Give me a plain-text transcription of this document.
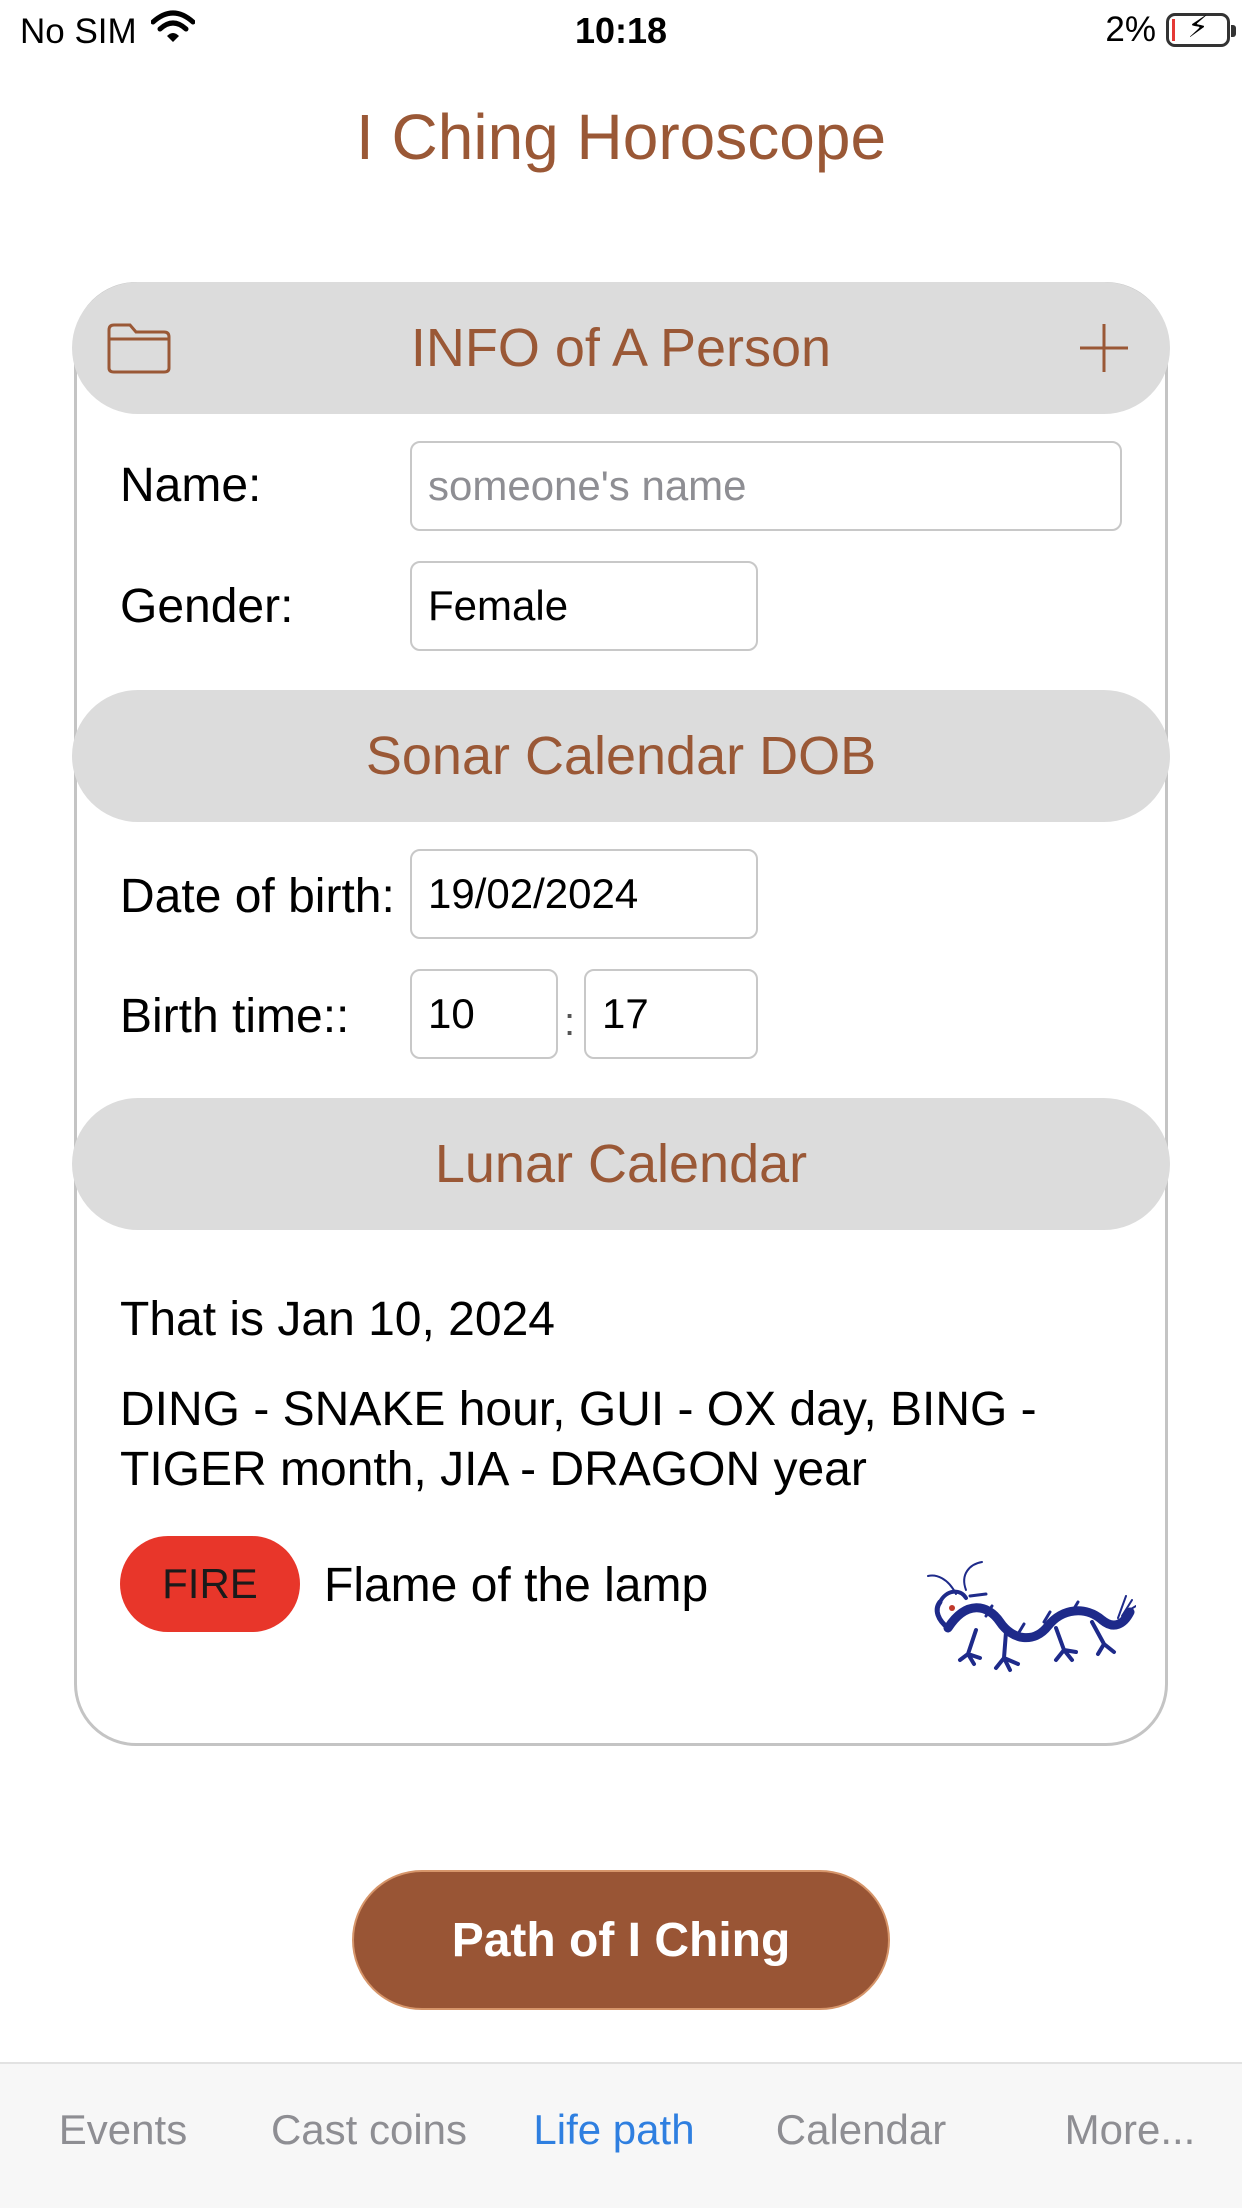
No SIM	10:18	2%	⚡
I Ching Horoscope
INFO of A Person
Name:	someone's name
Gender:	Female
Sonar Calendar DOB
Date of birth: 19/02/2024
Birth time:: 10 : 17
Lunar Calendar
That is Jan 10, 2024
DING - SNAKE hour, GUI - OX day, BING -
TIGER month, JIA - DRAGON year
FIRE Flame of the lamp
Path of I Ching
Events	Cast coins	Life path	Calendar	More...
